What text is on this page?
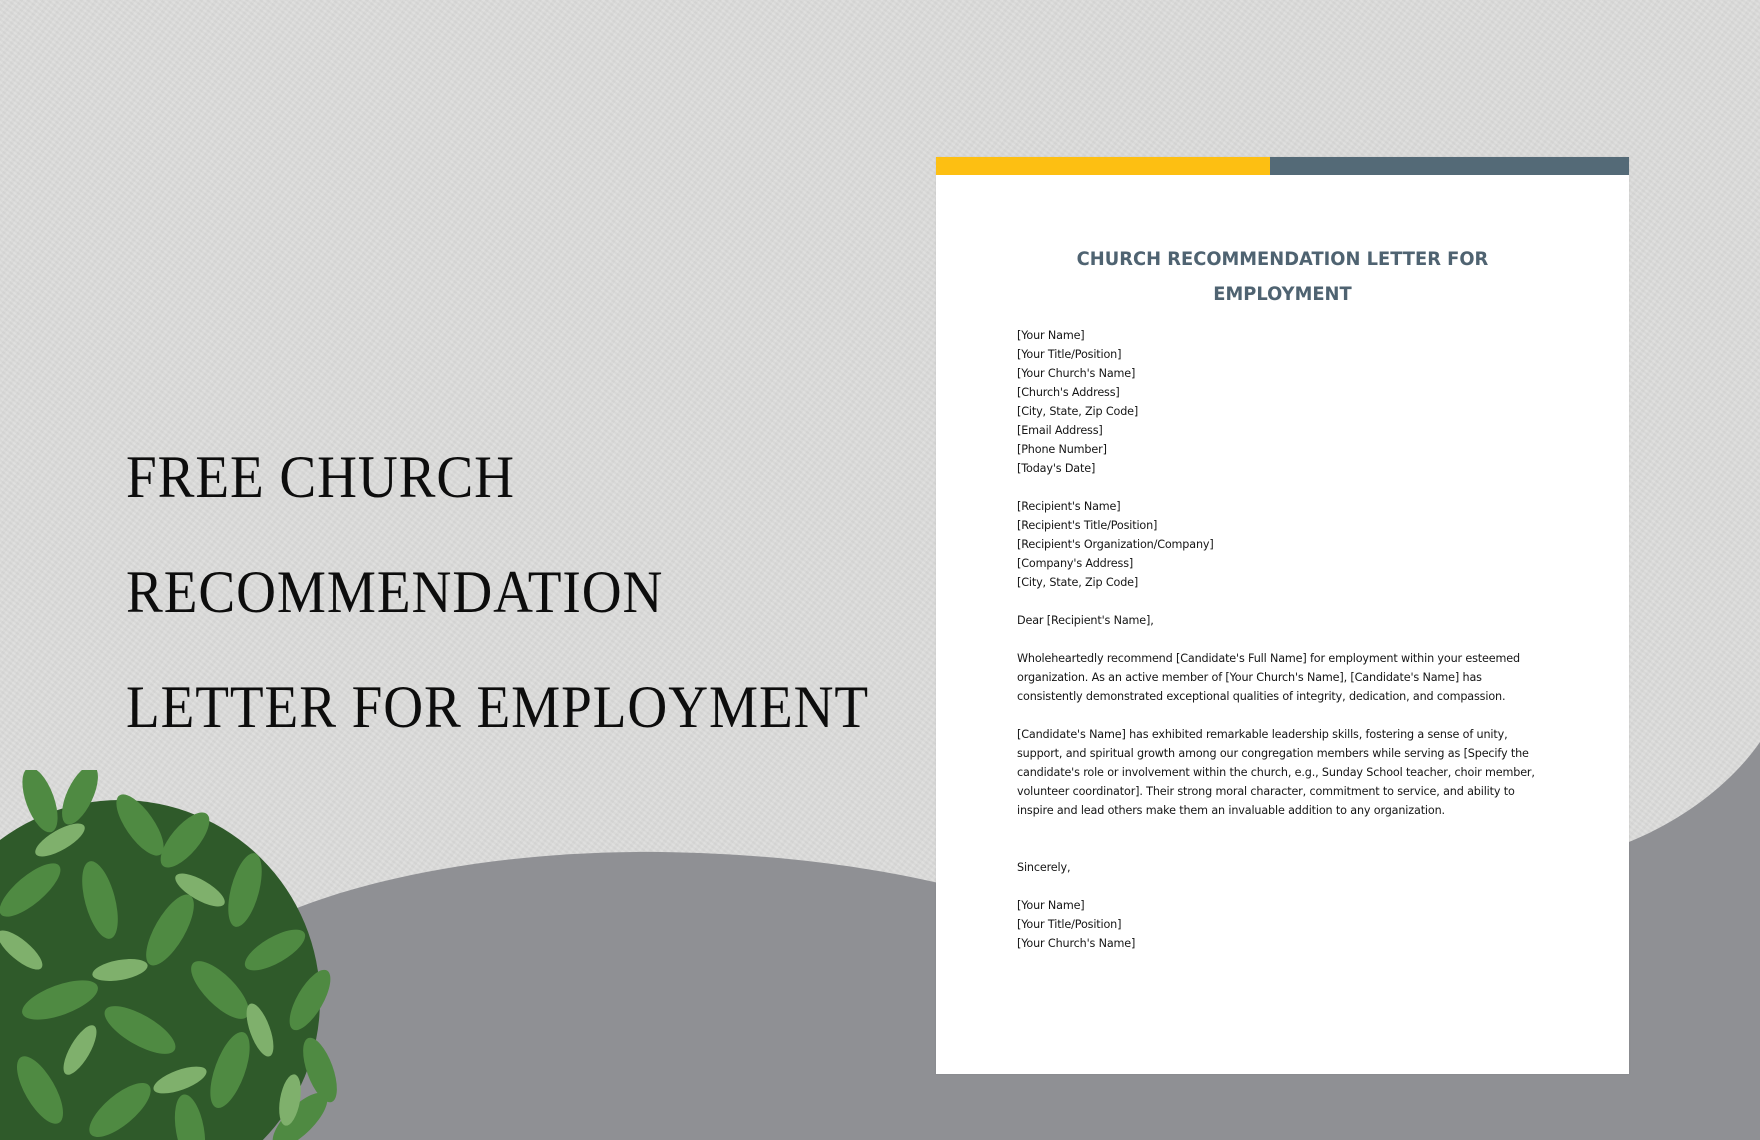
FREE CHURCH
RECOMMENDATION
LETTER FOR EMPLOYMENT
CHURCH RECOMMENDATION LETTER FOR
EMPLOYMENT
[Your Name]
[Your Title/Position]
[Your Church's Name]
[Church's Address]
[City, State, Zip Code]
[Email Address]
[Phone Number]
[Today's Date]
[Recipient's Name]
[Recipient's Title/Position]
[Recipient's Organization/Company]
[Company's Address]
[City, State, Zip Code]
Dear [Recipient's Name],
Wholeheartedly recommend [Candidate's Full Name] for employment within your esteemed
organization. As an active member of [Your Church's Name], [Candidate's Name] has
consistently demonstrated exceptional qualities of integrity, dedication, and compassion.
[Candidate's Name] has exhibited remarkable leadership skills, fostering a sense of unity,
support, and spiritual growth among our congregation members while serving as [Specify the
candidate's role or involvement within the church, e.g., Sunday School teacher, choir member,
volunteer coordinator]. Their strong moral character, commitment to service, and ability to
inspire and lead others make them an invaluable addition to any organization.
Sincerely,
[Your Name]
[Your Title/Position]
[Your Church's Name]
